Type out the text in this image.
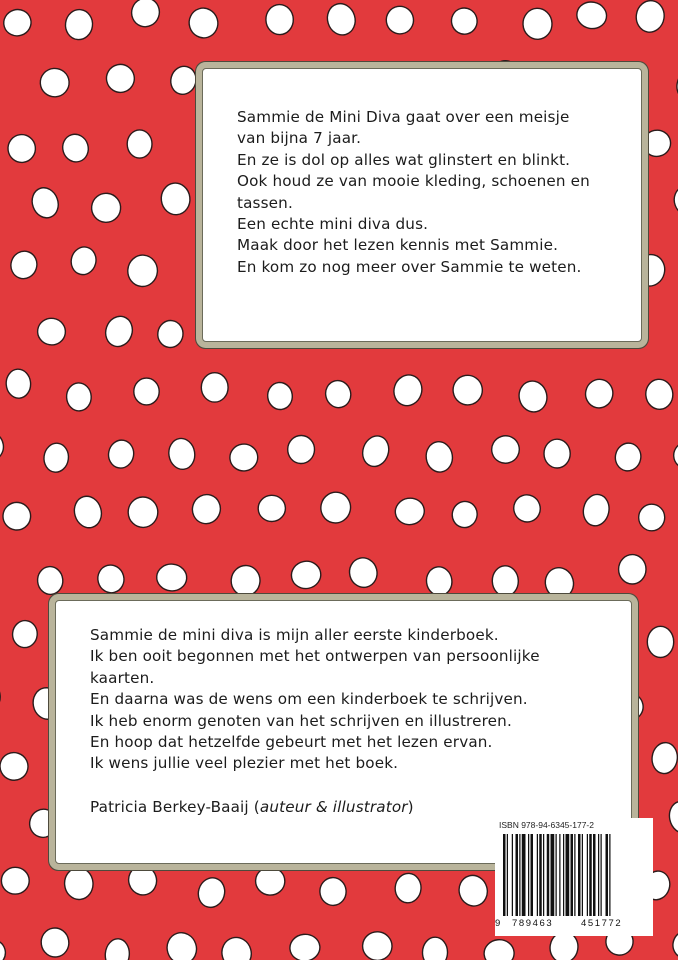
Sammie de Mini Diva gaat over een meisje
van bijna 7 jaar.
En ze is dol op alles wat glinstert en blinkt.
Ook houd ze van mooie kleding, schoenen en
tassen.
Een echte mini diva dus.
Maak door het lezen kennis met Sammie.
En kom zo nog meer over Sammie te weten.
Sammie de mini diva is mijn aller eerste kinderboek.
Ik ben ooit begonnen met het ontwerpen van persoonlijke
kaarten.
En daarna was de wens om een kinderboek te schrijven.
Ik heb enorm genoten van het schrijven en illustreren.
En hoop dat hetzelfde gebeurt met het lezen ervan.
Ik wens jullie veel plezier met het boek.
Patricia Berkey-Baaij (auteur & illustrator)
ISBN 978-94-6345-177-2
9 789463	451772
